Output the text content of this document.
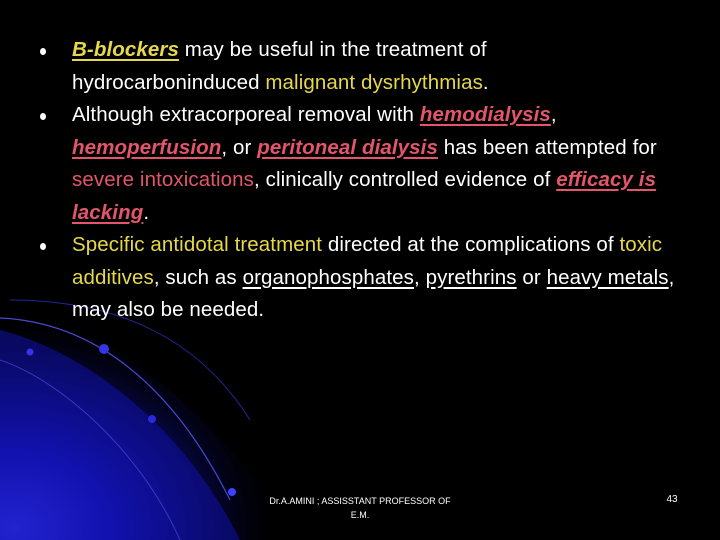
B-blockers may be useful in the treatment of hydrocarboninduced malignant dysrhythmias.
Although extracorporeal removal with hemodialysis, hemoperfusion, or peritoneal dialysis has been attempted for severe intoxications, clinically controlled evidence of efficacy is lacking.
Specific antidotal treatment directed at the complications of toxic additives, such as organophosphates, pyrethrins or heavy metals, may also be needed.
Dr.A.AMINI ; ASSISSTANT PROFESSOR OF
E.M.
43
